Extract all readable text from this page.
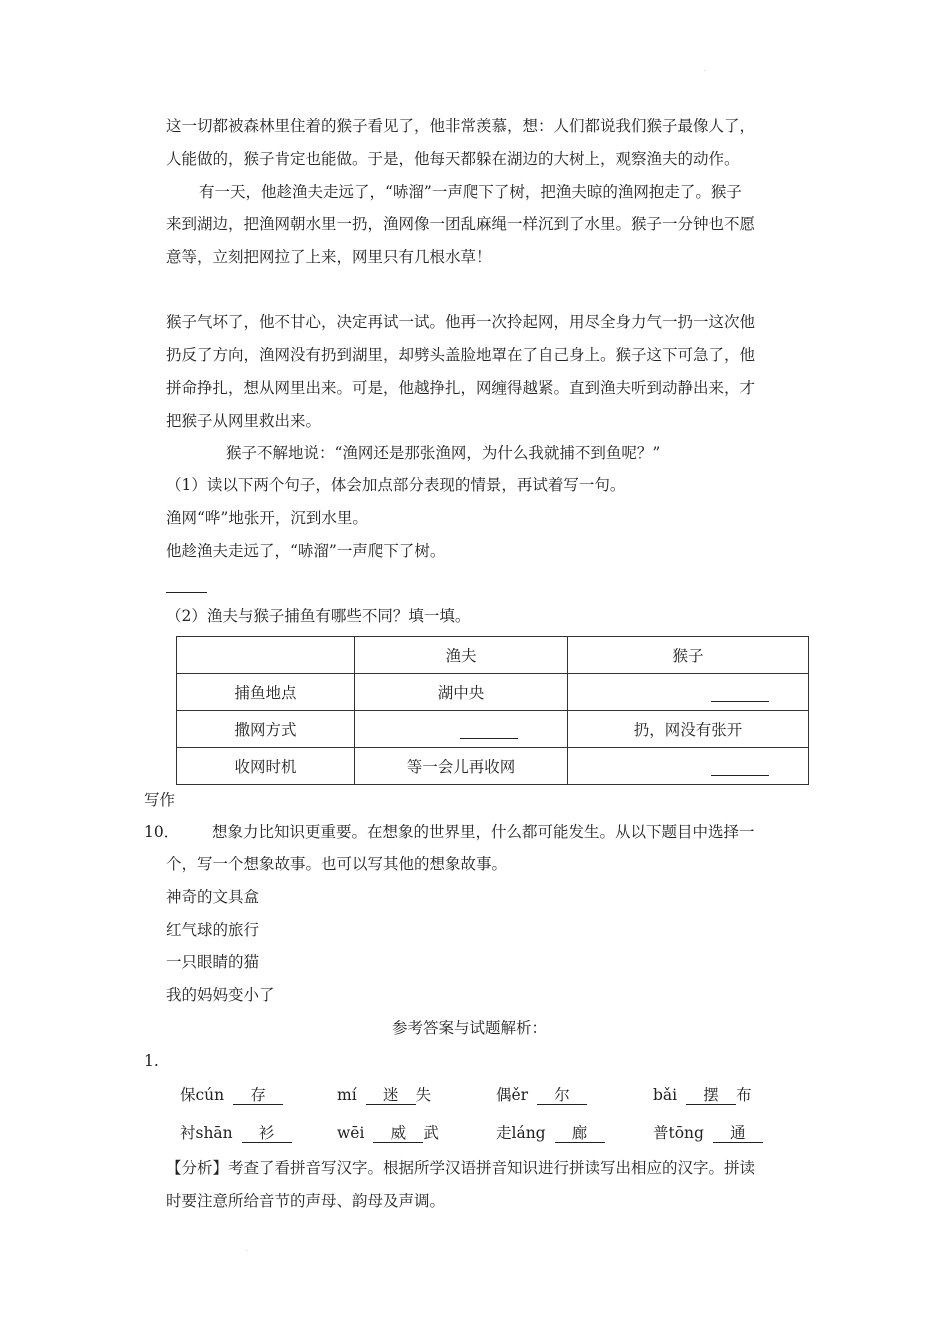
.
.
这一切都被森林里住着的猴子看见了，他非常羡慕，想：人们都说我们猴子最像人了，
人能做的，猴子肯定也能做。于是，他每天都躲在湖边的大树上，观察渔夫的动作。
有一天，他趁渔夫走远了，“哧溜”一声爬下了树，把渔夫晾的渔网抱走了。猴子
来到湖边，把渔网朝水里一扔，渔网像一团乱麻绳一样沉到了水里。猴子一分钟也不愿
意等，立刻把网拉了上来，网里只有几根水草！
猴子气坏了，他不甘心，决定再试一试。他再一次拎起网，用尽全身力气一扔一这次他
扔反了方向，渔网没有扔到湖里，却劈头盖脸地罩在了自己身上。猴子这下可急了，他
拼命挣扎，想从网里出来。可是，他越挣扎，网缠得越紧。直到渔夫听到动静出来，才
把猴子从网里救出来。
猴子不解地说：“渔网还是那张渔网，为什么我就捕不到鱼呢？”
（1）读以下两个句子，体会加点部分表现的情景，再试着写一句。
渔网“哗”地张开，沉到水里。
他趁渔夫走远了，“哧溜”一声爬下了树。

（2）渔夫与猴子捕鱼有哪些不同？填一填。
	渔夫	猴子
捕鱼地点	湖中央	
撒网方式		扔，网没有张开
收网时机	等一会儿再收网	
写作
10． 想象力比知识更重要。在想象的世界里，什么都可能发生。从以下题目中选择一
个，写一个想象故事。也可以写其他的想象故事。
神奇的文具盒
红气球的旅行
一只眼睛的猫
我的妈妈变小了
参考答案与试题解析：
1.
保cún 存	mí 迷 失	偶ěr 尔	bǎi 摆 布
衬shān 衫	wēi 威 武	走láng 廊	普tōng 通
【分析】考查了看拼音写汉字。根据所学汉语拼音知识进行拼读写出相应的汉字。拼读
时要注意所给音节的声母、韵母及声调。
